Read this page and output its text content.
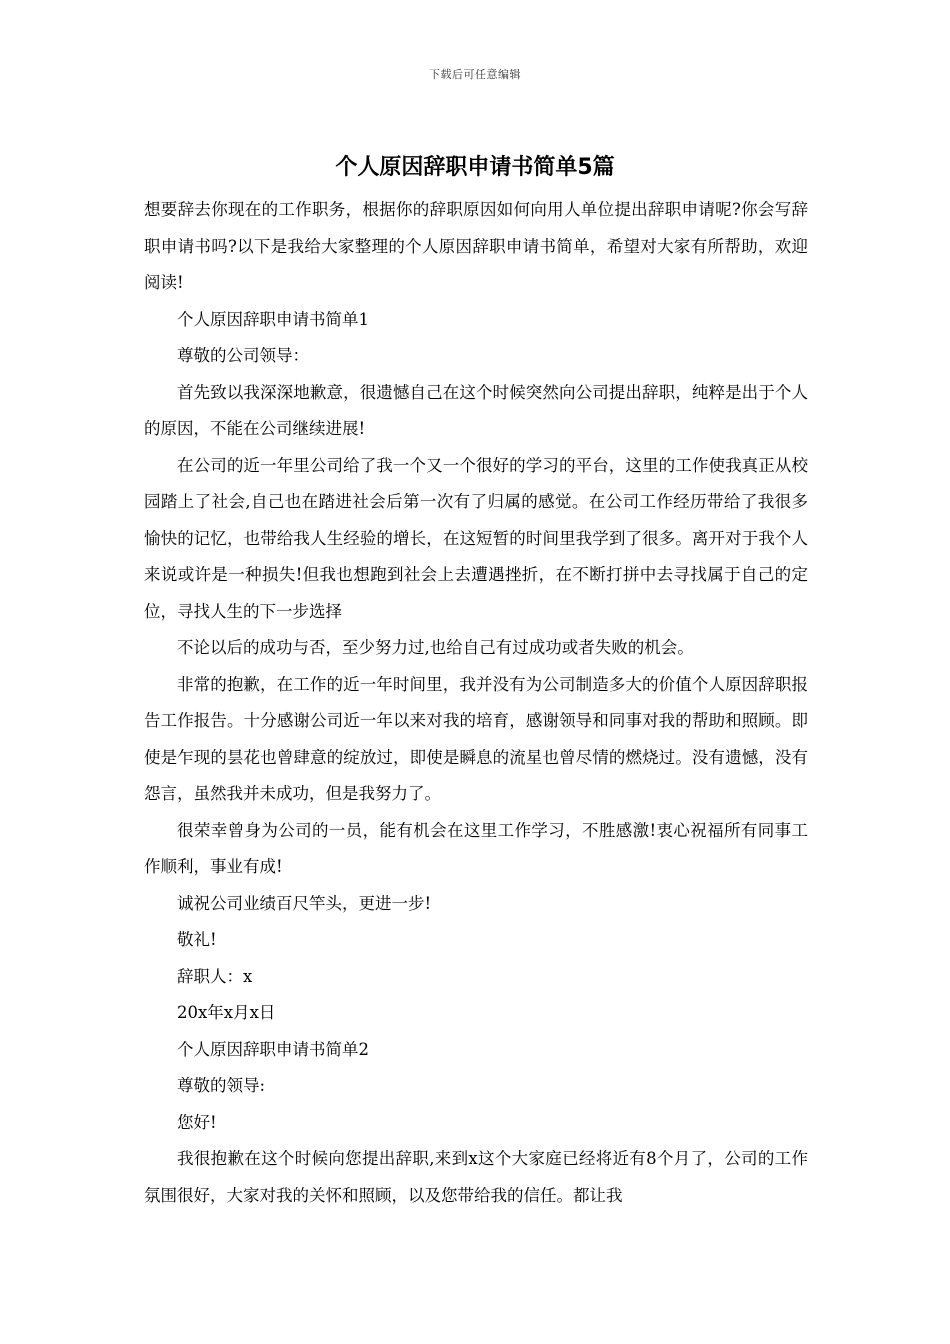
下载后可任意编辑
个人原因辞职申请书简单5篇

想要辞去你现在的工作职务，根据你的辞职原因如何向用人单位提出辞职申请呢?你会写辞职申请书吗?以下是我给大家整理的个人原因辞职申请书简单，希望对大家有所帮助，欢迎阅读!

个人原因辞职申请书简单1

尊敬的公司领导：

首先致以我深深地歉意，很遗憾自己在这个时候突然向公司提出辞职，纯粹是出于个人的原因，不能在公司继续进展!

在公司的近一年里公司给了我一个又一个很好的学习的平台，这里的工作使我真正从校园踏上了社会,自己也在踏进社会后第一次有了归属的感觉。在公司工作经历带给了我很多愉快的记忆，也带给我人生经验的增长，在这短暂的时间里我学到了很多。离开对于我个人来说或许是一种损失!但我也想跑到社会上去遭遇挫折，在不断打拼中去寻找属于自己的定位，寻找人生的下一步选择

不论以后的成功与否，至少努力过,也给自己有过成功或者失败的机会。

非常的抱歉，在工作的近一年时间里，我并没有为公司制造多大的价值个人原因辞职报告工作报告。十分感谢公司近一年以来对我的培育，感谢领导和同事对我的帮助和照顾。即使是乍现的昙花也曾肆意的绽放过，即使是瞬息的流星也曾尽情的燃烧过。没有遗憾，没有怨言，虽然我并未成功，但是我努力了。

很荣幸曾身为公司的一员，能有机会在这里工作学习，不胜感激!衷心祝福所有同事工作顺利，事业有成!

诚祝公司业绩百尺竿头，更进一步!

敬礼!

辞职人：x

20x年x月x日

个人原因辞职申请书简单2

尊敬的领导:

您好!

我很抱歉在这个时候向您提出辞职,来到x这个大家庭已经将近有8个月了，公司的工作氛围很好，大家对我的关怀和照顾，以及您带给我的信任。都让我
